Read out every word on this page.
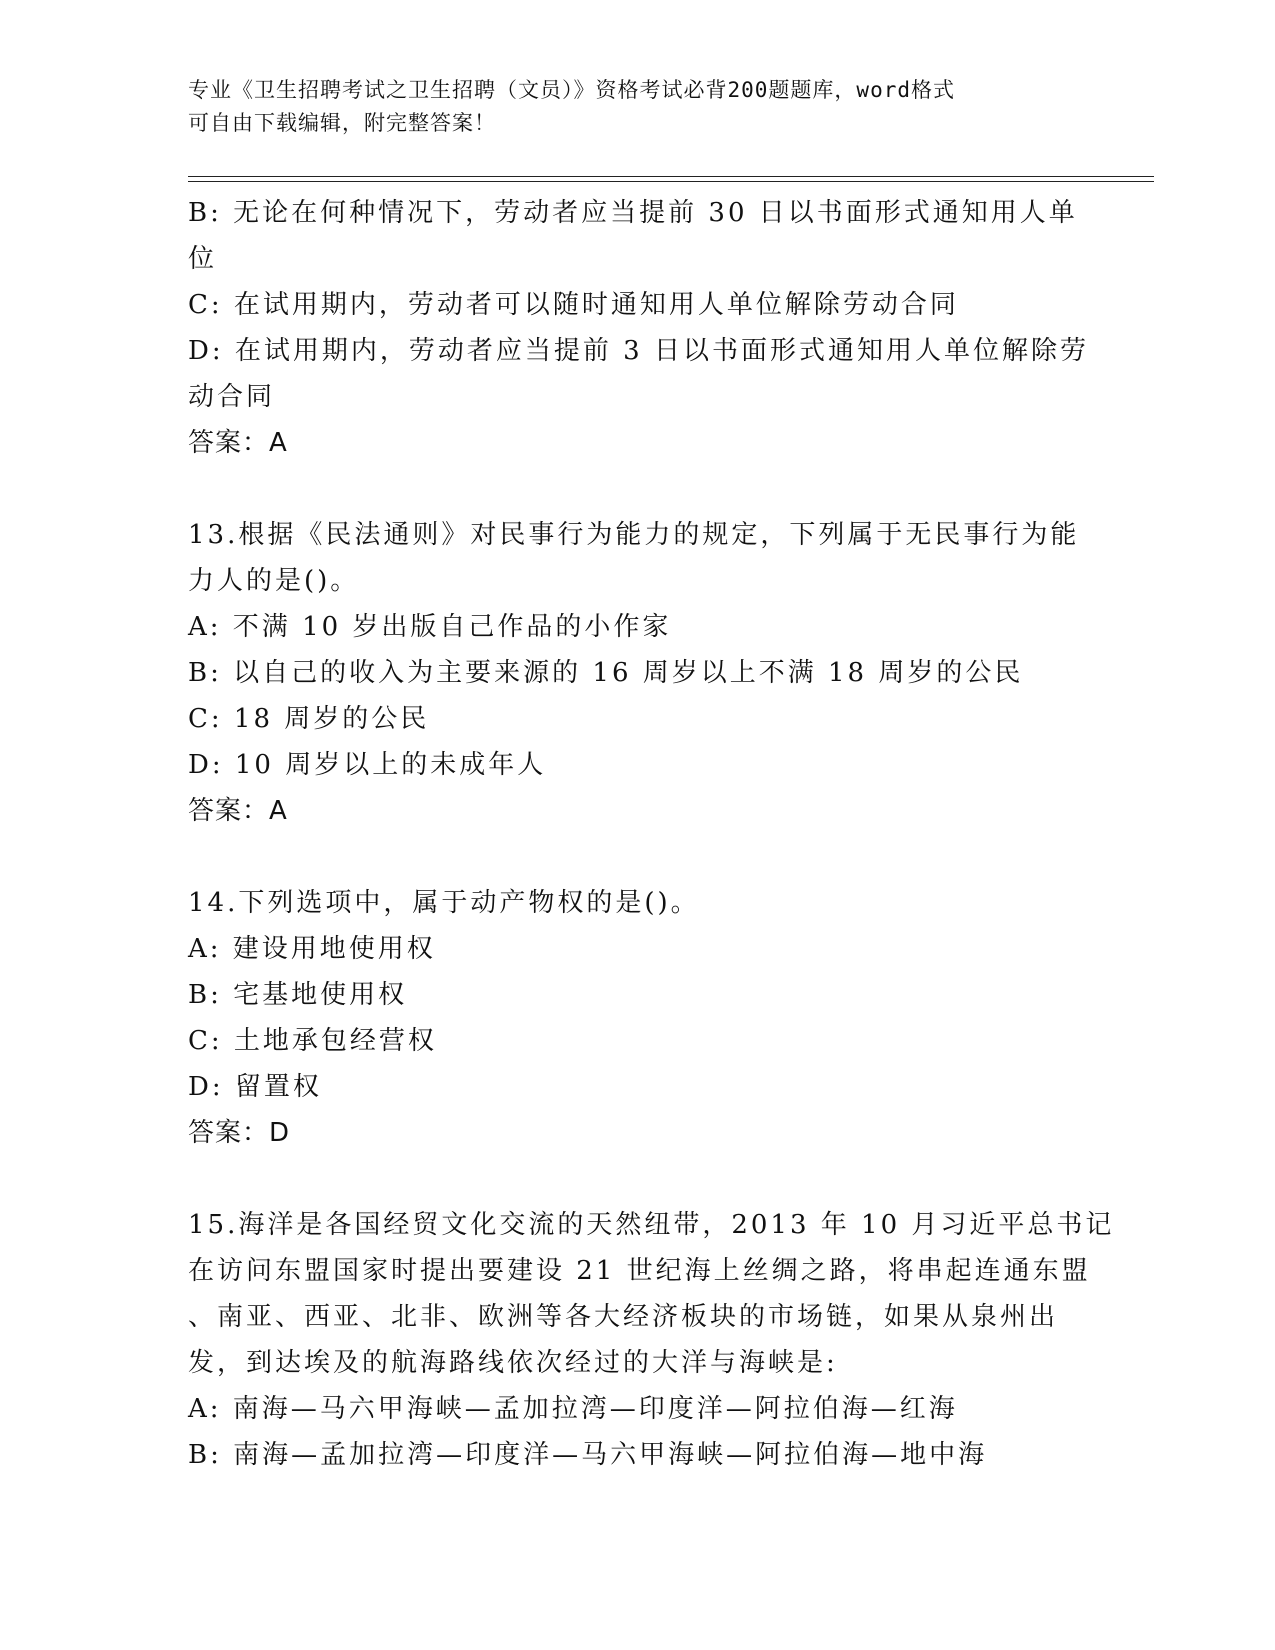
专业《卫生招聘考试之卫生招聘（文员）》资格考试必背200题题库，word格式
可自由下载编辑，附完整答案！
B: 无论在何种情况下，劳动者应当提前 30 日以书面形式通知用人单
位
C: 在试用期内，劳动者可以随时通知用人单位解除劳动合同
D: 在试用期内，劳动者应当提前 3 日以书面形式通知用人单位解除劳
动合同
答案：A
13.根据《民法通则》对民事行为能力的规定，下列属于无民事行为能
力人的是()。
A: 不满 10 岁出版自己作品的小作家
B: 以自己的收入为主要来源的 16 周岁以上不满 18 周岁的公民
C: 18 周岁的公民
D: 10 周岁以上的未成年人
答案：A
14.下列选项中，属于动产物权的是()。
A: 建设用地使用权
B: 宅基地使用权
C: 土地承包经营权
D: 留置权
答案：D
15.海洋是各国经贸文化交流的天然纽带，2013 年 10 月习近平总书记
在访问东盟国家时提出要建设 21 世纪海上丝绸之路，将串起连通东盟
、南亚、西亚、北非、欧洲等各大经济板块的市场链，如果从泉州出
发，到达埃及的航海路线依次经过的大洋与海峡是:
A: 南海—马六甲海峡—孟加拉湾—印度洋—阿拉伯海—红海
B: 南海—孟加拉湾—印度洋—马六甲海峡—阿拉伯海—地中海
